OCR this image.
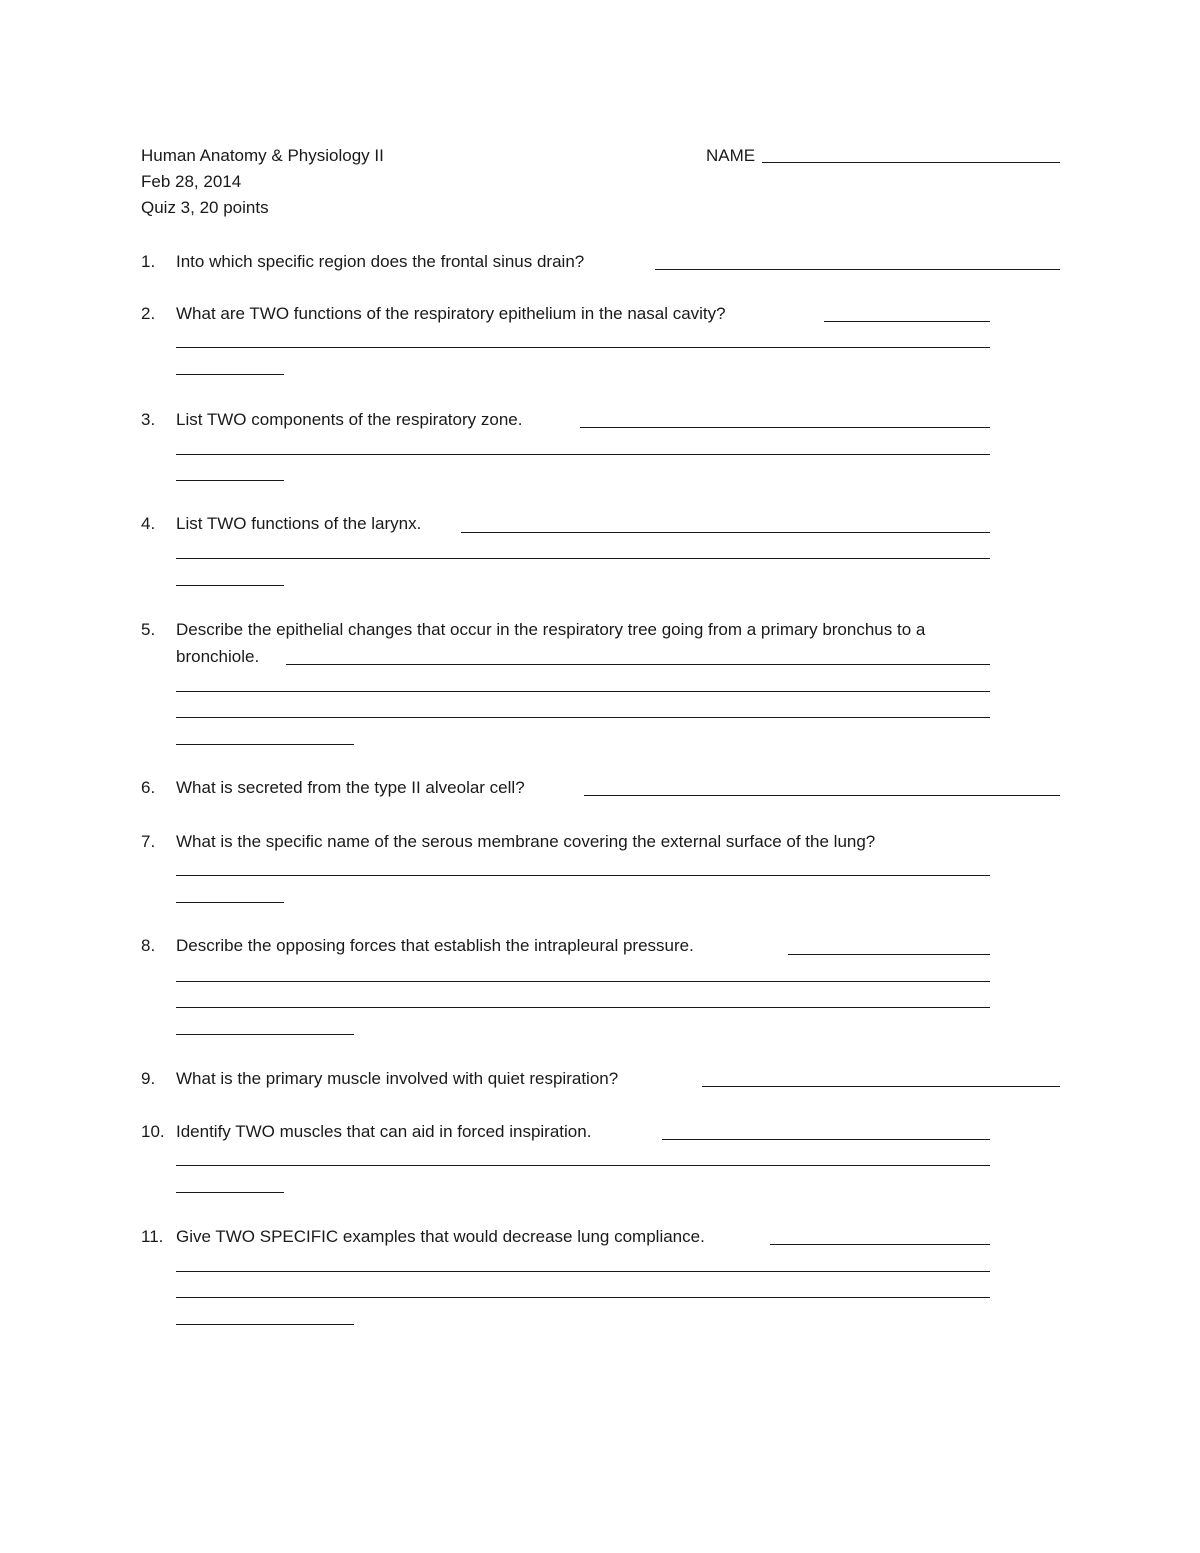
Human Anatomy & Physiology II
Feb 28, 2014
Quiz 3, 20 points
NAME
1. Into which specific region does the frontal sinus drain?
2. What are TWO functions of the respiratory epithelium in the nasal cavity?
3. List TWO components of the respiratory zone.
4. List TWO functions of the larynx.
5. Describe the epithelial changes that occur in the respiratory tree going from a primary bronchus to a
bronchiole.
6. What is secreted from the type II alveolar cell?
7. What is the specific name of the serous membrane covering the external surface of the lung?
8. Describe the opposing forces that establish the intrapleural pressure.
9. What is the primary muscle involved with quiet respiration?
10. Identify TWO muscles that can aid in forced inspiration.
11. Give TWO SPECIFIC examples that would decrease lung compliance.
